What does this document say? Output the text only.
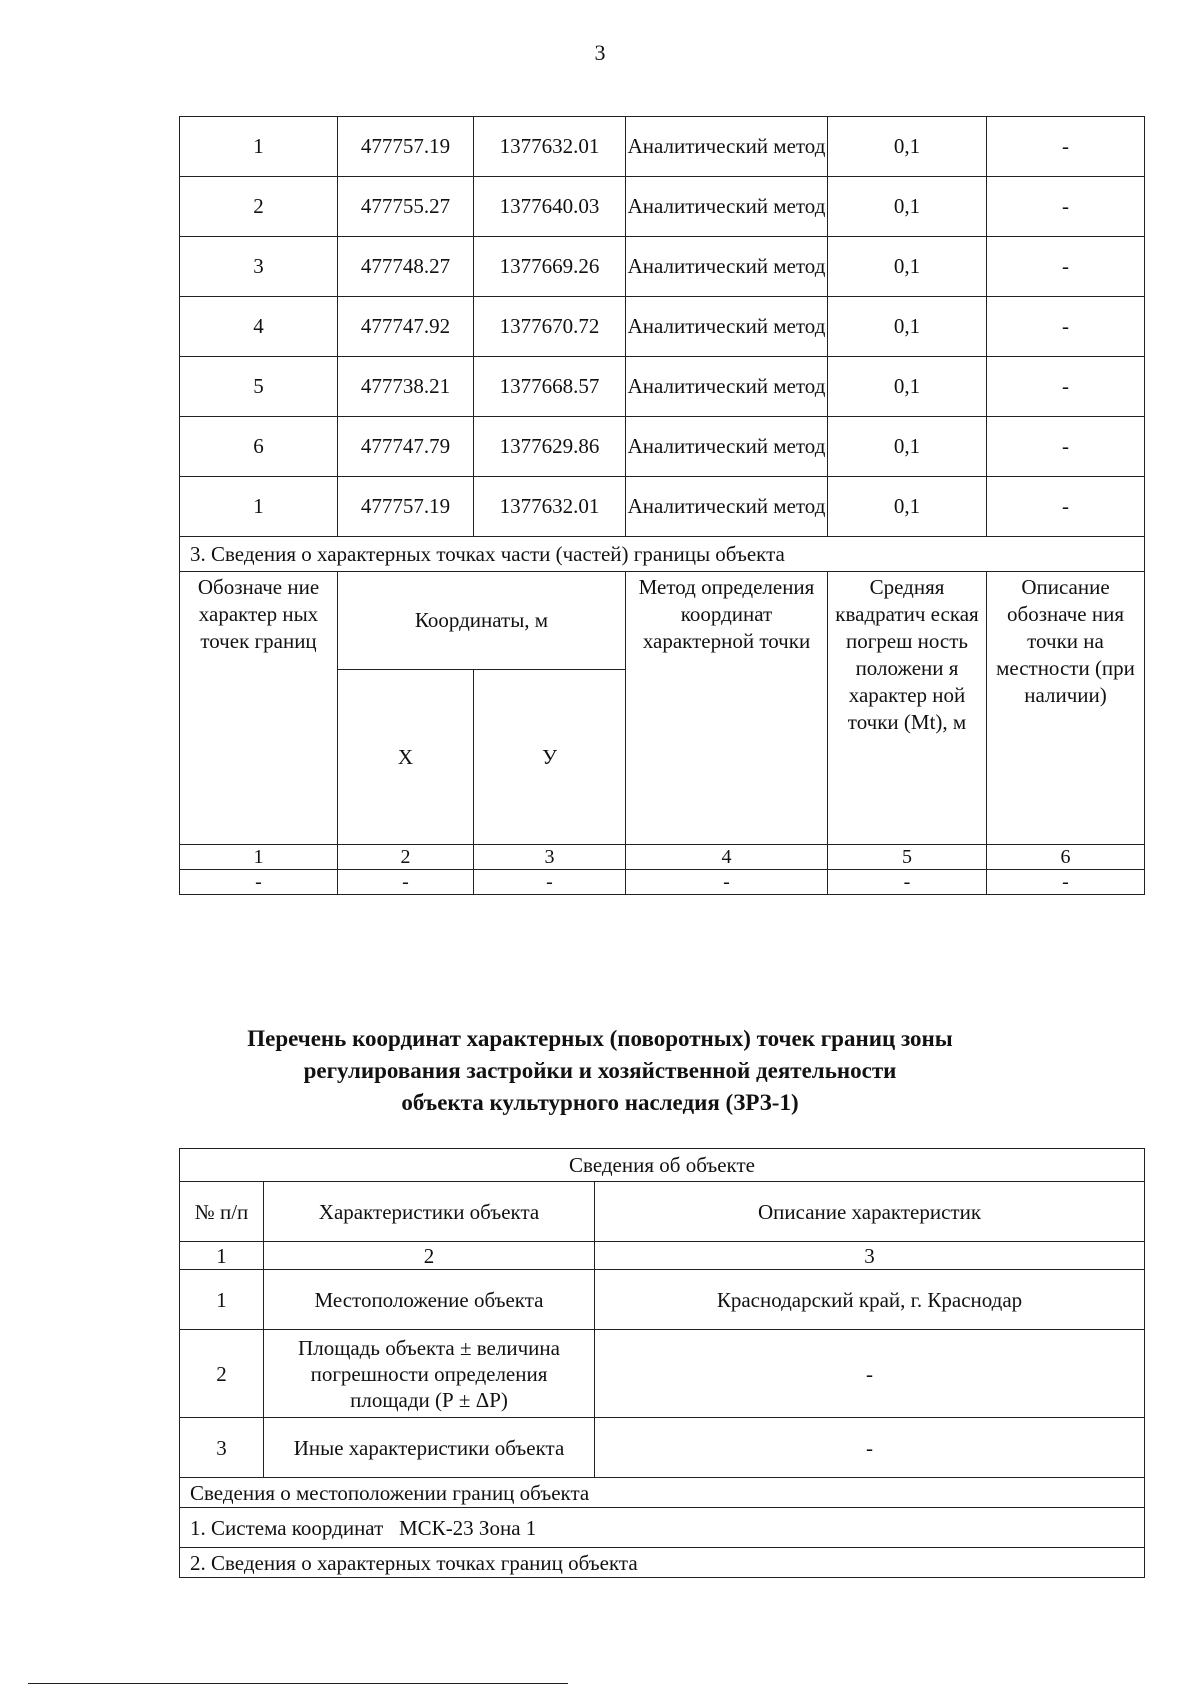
3
1	477757.19	1377632.01	Аналитический метод	0,1	-
2	477755.27	1377640.03	Аналитический метод	0,1	-
3	477748.27	1377669.26	Аналитический метод	0,1	-
4	477747.92	1377670.72	Аналитический метод	0,1	-
5	477738.21	1377668.57	Аналитический метод	0,1	-
6	477747.79	1377629.86	Аналитический метод	0,1	-
1	477757.19	1377632.01	Аналитический метод	0,1	-
3. Сведения о характерных точках части (частей) границы объекта					
Обозначе ние характер ных точек границ	Координаты, м		Метод определения координат характерной точки	Средняя квадратич еская погреш ность положени я характер ной точки (Mt), м	Описание обозначе ния точки на местности (при наличии)
	Х	У			
1	2	3	4	5	6
-	-	-	-	-	-
Перечень координат характерных (поворотных) точек границ зоны
регулирования застройки и хозяйственной деятельности
объекта культурного наследия (ЗРЗ-1)
Сведения об объекте		
№ п/п	Характеристики объекта	Описание характеристик
1	2	3
1	Местоположение объекта	Краснодарский край, г. Краснодар
2	Площадь объекта ± величина погрешности определения площади (Р ± ΔР)	-
3	Иные характеристики объекта	-
Сведения о местоположении границ объекта		
1. Система координат   МСК-23 Зона 1		
2. Сведения о характерных точках границ объекта		
